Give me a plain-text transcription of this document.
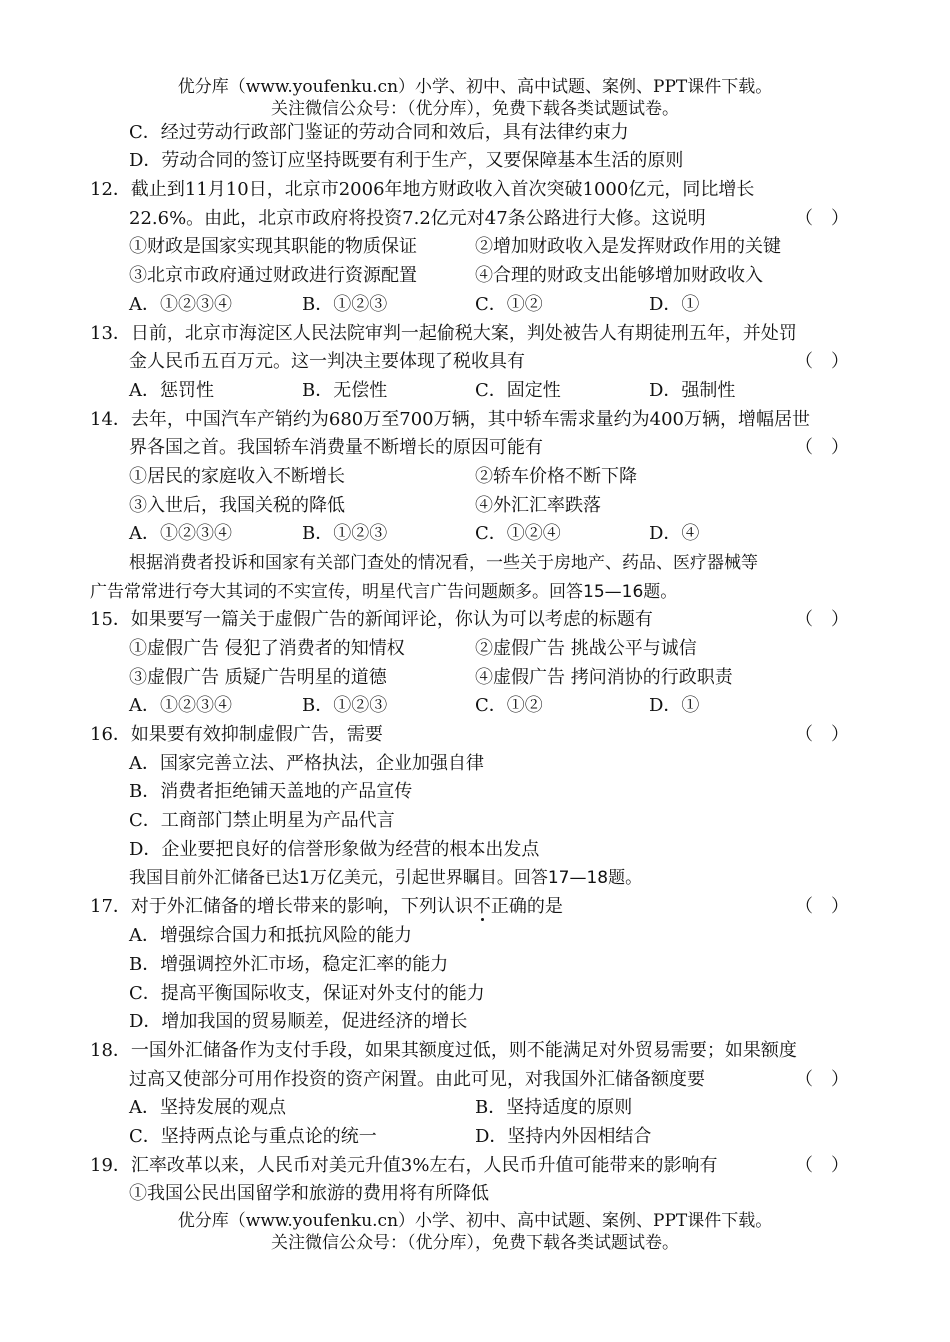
优分库（www.youfenku.cn）小学、初中、高中试题、案例、PPT课件下载。
关注微信公众号：（优分库），免费下载各类试题试卷。
C．经过劳动行政部门鉴证的劳动合同和效后，具有法律约束力
D．劳动合同的签订应坚持既要有利于生产，又要保障基本生活的原则
12．截止到11月10日，北京市2006年地方财政收入首次突破1000亿元，同比增长
22.6%。由此，北京市政府将投资7.2亿元对47条公路进行大修。这说明	（　）
①财政是国家实现其职能的物质保证	②增加财政收入是发挥财政作用的关键
③北京市政府通过财政进行资源配置	④合理的财政支出能够增加财政收入
A．①②③④	B．①②③	C．①②	D．①
13．日前，北京市海淀区人民法院审判一起偷税大案，判处被告人有期徒刑五年，并处罚
金人民币五百万元。这一判决主要体现了税收具有	（　）
A．惩罚性	B．无偿性	C．固定性	D．强制性
14．去年，中国汽车产销约为680万至700万辆，其中轿车需求量约为400万辆，增幅居世
界各国之首。我国轿车消费量不断增长的原因可能有	（　）
①居民的家庭收入不断增长	②轿车价格不断下降
③入世后，我国关税的降低	④外汇汇率跌落
A．①②③④	B．①②③	C．①②④	D．④
根据消费者投诉和国家有关部门查处的情况看，一些关于房地产、药品、医疗器械等
广告常常进行夸大其词的不实宣传，明星代言广告问题颇多。回答15—16题。
15．如果要写一篇关于虚假广告的新闻评论，你认为可以考虑的标题有	（　）
①虚假广告 侵犯了消费者的知情权	②虚假广告 挑战公平与诚信
③虚假广告 质疑广告明星的道德	④虚假广告 拷问消协的行政职责
A．①②③④	B．①②③	C．①②	D．①
16．如果要有效抑制虚假广告，需要	（　）
A．国家完善立法、严格执法，企业加强自律
B．消费者拒绝铺天盖地的产品宣传
C．工商部门禁止明星为产品代言
D．企业要把良好的信誉形象做为经营的根本出发点
我国目前外汇储备已达1万亿美元，引起世界瞩目。回答17—18题。
17．对于外汇储备的增长带来的影响，下列认识不正确的是	（　）
A．增强综合国力和抵抗风险的能力
B．增强调控外汇市场，稳定汇率的能力
C．提高平衡国际收支，保证对外支付的能力
D．增加我国的贸易顺差，促进经济的增长
18．一国外汇储备作为支付手段，如果其额度过低，则不能满足对外贸易需要；如果额度
过高又使部分可用作投资的资产闲置。由此可见，对我国外汇储备额度要	（　）
A．坚持发展的观点	B．坚持适度的原则
C．坚持两点论与重点论的统一	D．坚持内外因相结合
19．汇率改革以来，人民币对美元升值3%左右，人民币升值可能带来的影响有	（　）
①我国公民出国留学和旅游的费用将有所降低
优分库（www.youfenku.cn）小学、初中、高中试题、案例、PPT课件下载。
关注微信公众号：（优分库），免费下载各类试题试卷。
